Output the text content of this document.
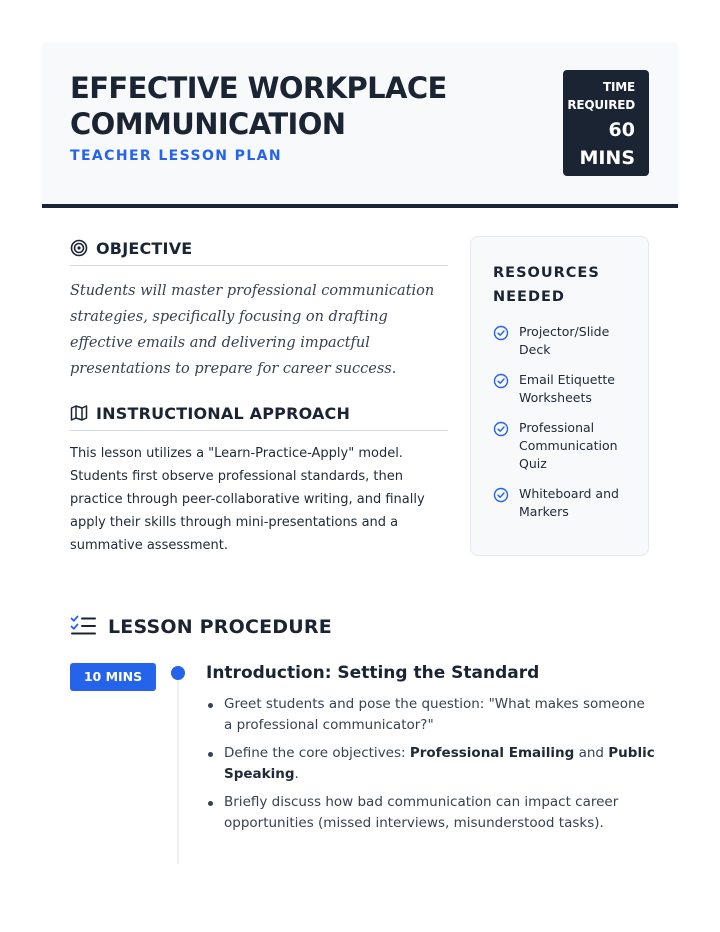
EFFECTIVE WORKPLACE COMMUNICATION
TEACHER LESSON PLAN
TIME REQUIRED
60 MINS
OBJECTIVE

Students will master professional communication strategies, specifically focusing on drafting effective emails and delivering impactful presentations to prepare for career success.

INSTRUCTIONAL APPROACH

This lesson utilizes a "Learn-Practice-Apply" model. Students first observe professional standards, then practice through peer-collaborative writing, and finally apply their skills through mini-presentations and a summative assessment.

RESOURCES NEEDED
Projector/Slide Deck
Email Etiquette Worksheets
Professional Communication Quiz
Whiteboard and Markers
LESSON PROCEDURE
10 MINS	Introduction: Setting the Standard
Greet students and pose the question: "What makes someone a professional communicator?"
Define the core objectives: Professional Emailing and Public Speaking.
Briefly discuss how bad communication can impact career opportunities (missed interviews, misunderstood tasks).
